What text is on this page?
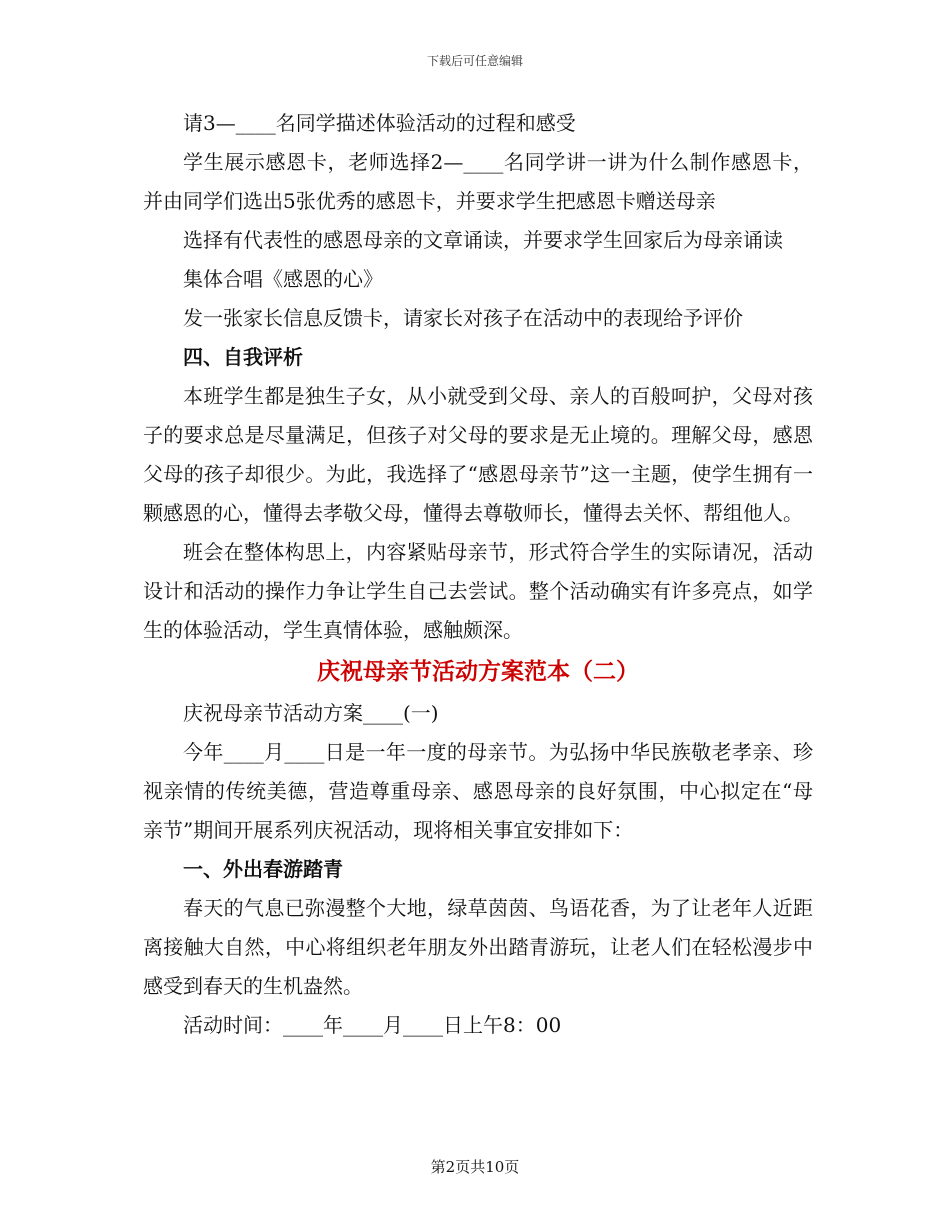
下载后可任意编辑

请3—____名同学描述体验活动的过程和感受

学生展示感恩卡，老师选择2—____名同学讲一讲为什么制作感恩卡，并由同学们选出5张优秀的感恩卡，并要求学生把感恩卡赠送母亲

选择有代表性的感恩母亲的文章诵读，并要求学生回家后为母亲诵读

集体合唱《感恩的心》

发一张家长信息反馈卡，请家长对孩子在活动中的表现给予评价

四、自我评析

本班学生都是独生子女，从小就受到父母、亲人的百般呵护，父母对孩子的要求总是尽量满足，但孩子对父母的要求是无止境的。理解父母，感恩父母的孩子却很少。为此，我选择了“感恩母亲节”这一主题，使学生拥有一颗感恩的心，懂得去孝敬父母，懂得去尊敬师长，懂得去关怀、帮组他人。

班会在整体构思上，内容紧贴母亲节，形式符合学生的实际请况，活动设计和活动的操作力争让学生自己去尝试。整个活动确实有许多亮点，如学生的体验活动，学生真情体验，感触颇深。

庆祝母亲节活动方案范本（二）

庆祝母亲节活动方案____(一)

今年____月____日是一年一度的母亲节。为弘扬中华民族敬老孝亲、珍视亲情的传统美德，营造尊重母亲、感恩母亲的良好氛围，中心拟定在“母亲节”期间开展系列庆祝活动，现将相关事宜安排如下：

一、外出春游踏青

春天的气息已弥漫整个大地，绿草茵茵、鸟语花香，为了让老年人近距离接触大自然，中心将组织老年朋友外出踏青游玩，让老人们在轻松漫步中感受到春天的生机盎然。

活动时间：____年____月____日上午8：00

第2页共10页
